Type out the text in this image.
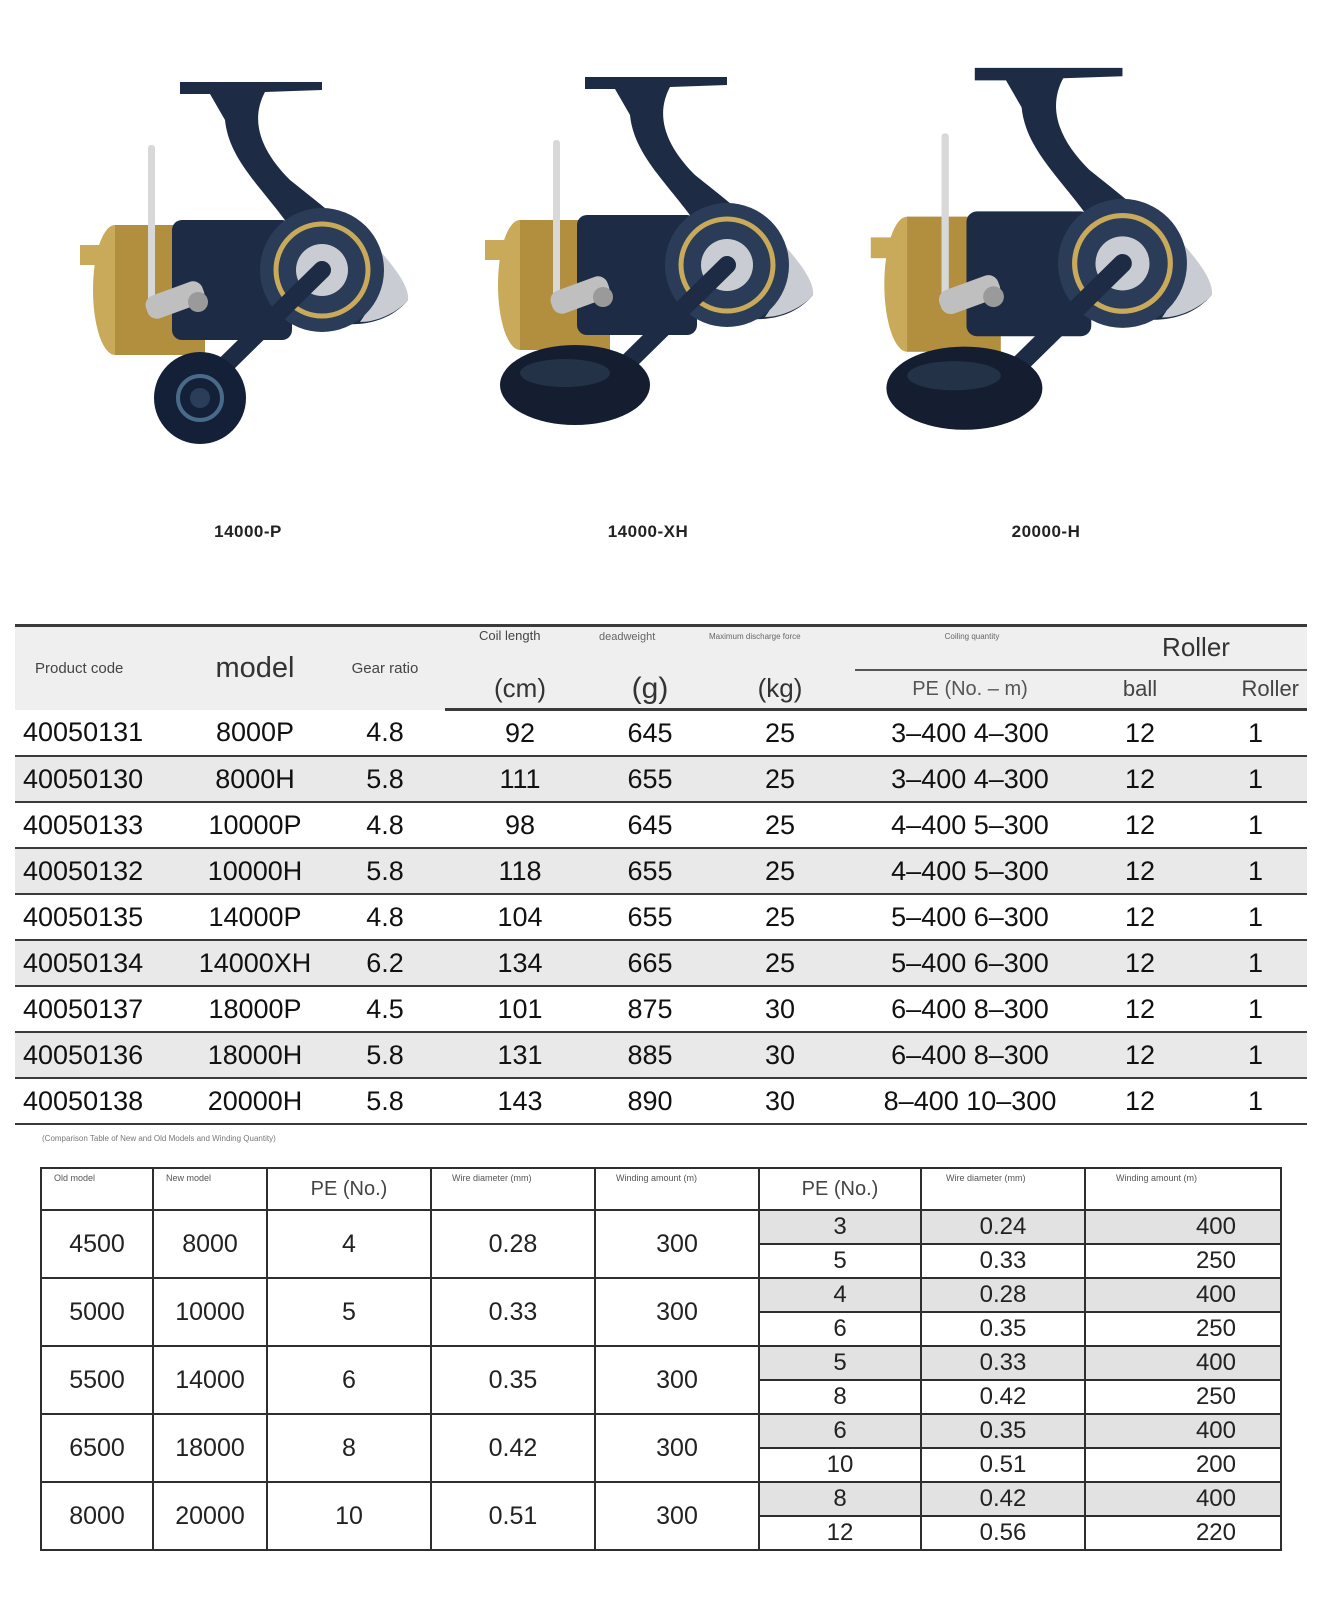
14000-P	14000-XH	20000-H
Product code	model	Gear ratio	Coil length	deadweight	Maximum discharge force	Coiling quantity	Roller	
			(cm)	(g)	(kg)	PE (No. – m)	ball	Roller
40050131	8000P	4.8	92	645	25	3–400 4–300	12	1
40050130	8000H	5.8	111	655	25	3–400 4–300	12	1
40050133	10000P	4.8	98	645	25	4–400 5–300	12	1
40050132	10000H	5.8	118	655	25	4–400 5–300	12	1
40050135	14000P	4.8	104	655	25	5–400 6–300	12	1
40050134	14000XH	6.2	134	665	25	5–400 6–300	12	1
40050137	18000P	4.5	101	875	30	6–400 8–300	12	1
40050136	18000H	5.8	131	885	30	6–400 8–300	12	1
40050138	20000H	5.8	143	890	30	8–400 10–300	12	1
(Comparison Table of New and Old Models and Winding Quantity)
Old model	New model	PE (No.)	Wire diameter (mm)	Winding amount (m)	PE (No.)	Wire diameter (mm)	Winding amount (m)
4500	8000	4	0.28	300	3	0.24	400
					5	0.33	250
5000	10000	5	0.33	300	4	0.28	400
					6	0.35	250
5500	14000	6	0.35	300	5	0.33	400
					8	0.42	250
6500	18000	8	0.42	300	6	0.35	400
					10	0.51	200
8000	20000	10	0.51	300	8	0.42	400
					12	0.56	220
